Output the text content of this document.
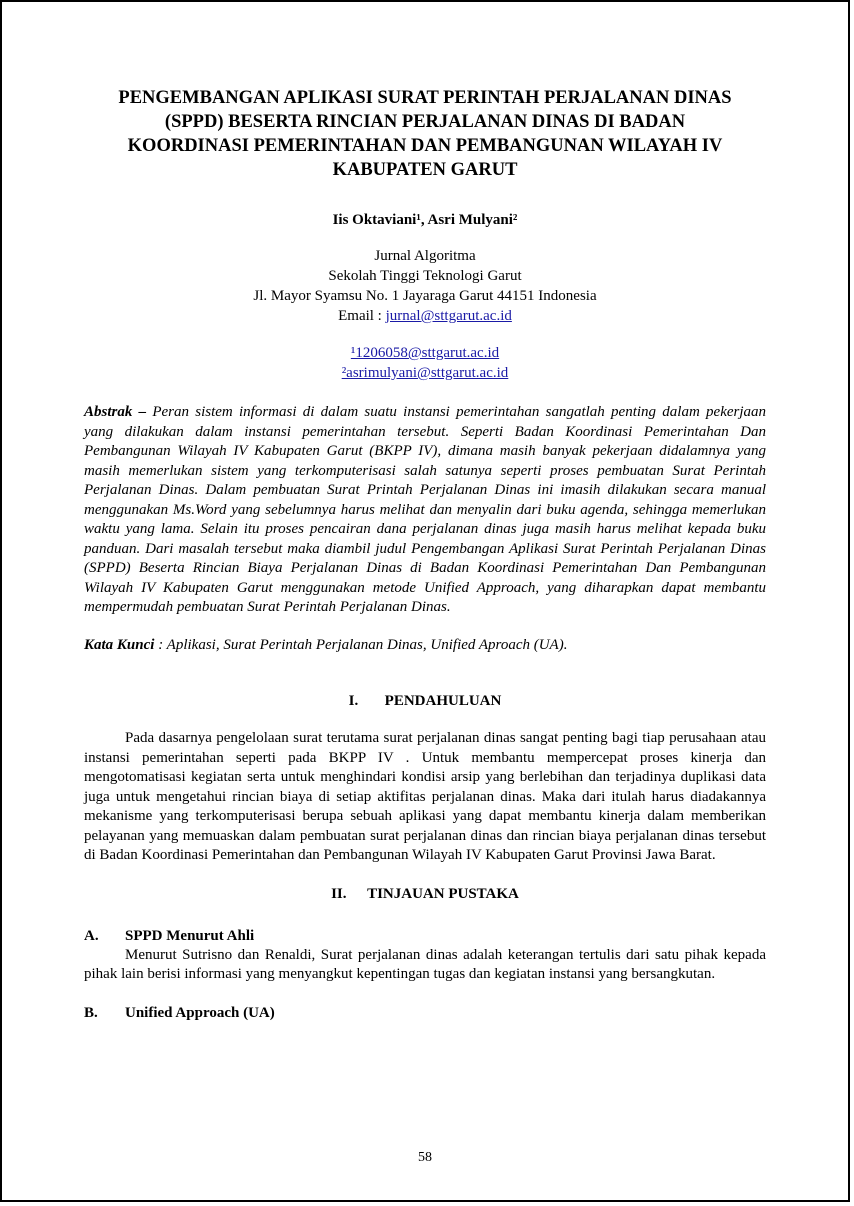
PENGEMBANGAN APLIKASI SURAT PERINTAH PERJALANAN DINAS
(SPPD) BESERTA RINCIAN PERJALANAN DINAS DI BADAN
KOORDINASI PEMERINTAHAN DAN PEMBANGUNAN WILAYAH IV
KABUPATEN GARUT
Iis Oktaviani¹, Asri Mulyani²
Jurnal Algoritma
Sekolah Tinggi Teknologi Garut
Jl. Mayor Syamsu No. 1 Jayaraga Garut 44151 Indonesia
Email : jurnal@sttgarut.ac.id
¹1206058@sttgarut.ac.id
²asrimulyani@sttgarut.ac.id

Abstrak – Peran sistem informasi di dalam suatu instansi pemerintahan sangatlah penting dalam pekerjaan yang dilakukan dalam instansi pemerintahan tersebut. Seperti Badan Koordinasi Pemerintahan Dan Pembangunan Wilayah IV Kabupaten Garut (BKPP IV), dimana masih banyak pekerjaan didalamnya yang masih memerlukan sistem yang terkomputerisasi salah satunya seperti proses pembuatan Surat Perintah Perjalanan Dinas. Dalam pembuatan Surat Printah Perjalanan Dinas ini imasih dilakukan secara manual menggunakan Ms.Word yang sebelumnya harus melihat dan menyalin dari buku agenda, sehingga memerlukan waktu yang lama. Selain itu proses pencairan dana perjalanan dinas juga masih harus melihat kepada buku panduan. Dari masalah tersebut maka diambil judul Pengembangan Aplikasi Surat Perintah Perjalanan Dinas (SPPD) Beserta Rincian Biaya Perjalanan Dinas di Badan Koordinasi Pemerintahan Dan Pembangunan Wilayah IV Kabupaten Garut menggunakan metode Unified Approach, yang diharapkan dapat membantu mempermudah pembuatan Surat Perintah Perjalanan Dinas.

Kata Kunci : Aplikasi, Surat Perintah Perjalanan Dinas, Unified Aproach (UA).

I. PENDAHULUAN

Pada dasarnya pengelolaan surat terutama surat perjalanan dinas sangat penting bagi tiap perusahaan atau instansi pemerintahan seperti pada BKPP IV . Untuk membantu mempercepat proses kinerja dan mengotomatisasi kegiatan serta untuk menghindari kondisi arsip yang berlebihan dan terjadinya duplikasi data juga untuk mengetahui rincian biaya di setiap aktifitas perjalanan dinas. Maka dari itulah harus diadakannya mekanisme yang terkomputerisasi berupa sebuah aplikasi yang dapat membantu kinerja dalam memberikan pelayanan yang memuaskan dalam pembuatan surat perjalanan dinas dan rincian biaya perjalanan dinas tersebut di Badan Koordinasi Pemerintahan dan Pembangunan Wilayah IV Kabupaten Garut Provinsi Jawa Barat.

II. TINJAUAN PUSTAKA
A. SPPD Menurut Ahli

Menurut Sutrisno dan Renaldi, Surat perjalanan dinas adalah keterangan tertulis dari satu pihak kepada pihak lain berisi informasi yang menyangkut kepentingan tugas dan kegiatan instansi yang bersangkutan.

B. Unified Approach (UA)
58
